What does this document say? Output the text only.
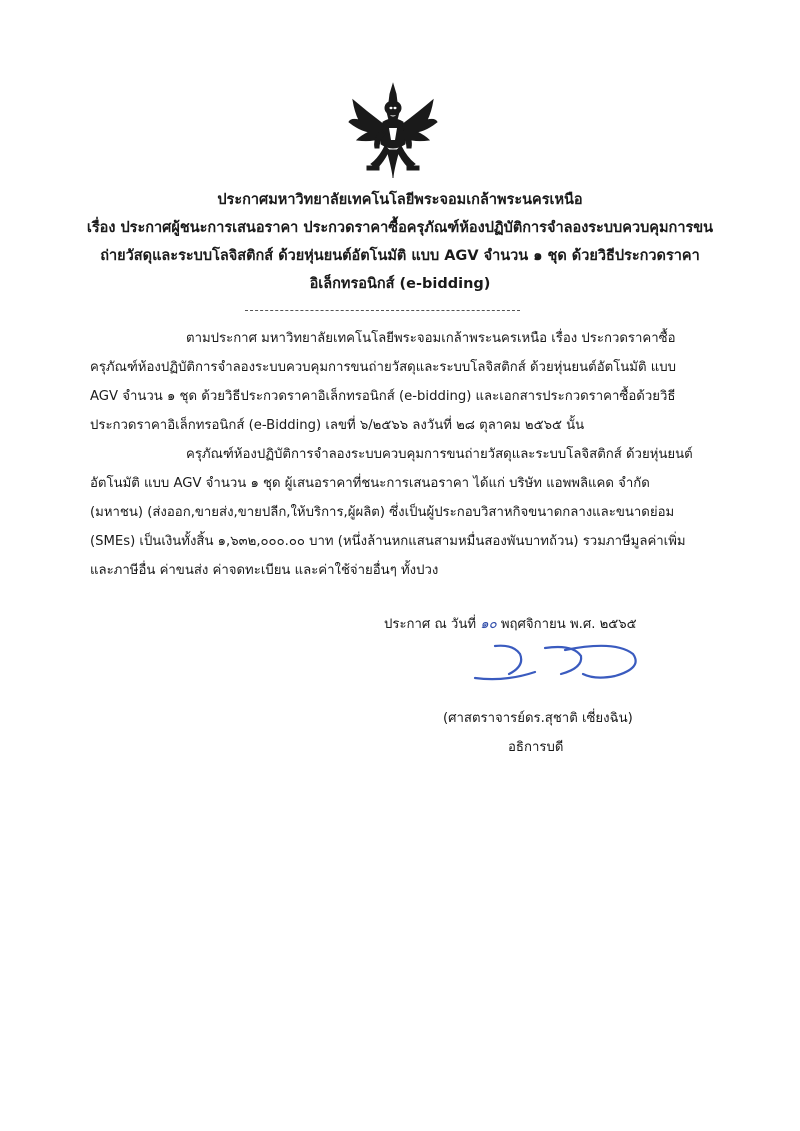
ประกาศมหาวิทยาลัยเทคโนโลยีพระจอมเกล้าพระนครเหนือ
เรื่อง ประกาศผู้ชนะการเสนอราคา ประกวดราคาซื้อครุภัณฑ์ห้องปฏิบัติการจำลองระบบควบคุมการขน
ถ่ายวัสดุและระบบโลจิสติกส์ ด้วยหุ่นยนต์อัตโนมัติ แบบ AGV จำนวน ๑ ชุด ด้วยวิธีประกวดราคา
อิเล็กทรอนิกส์ (e-bidding)
ตามประกาศ มหาวิทยาลัยเทคโนโลยีพระจอมเกล้าพระนครเหนือ เรื่อง ประกวดราคาซื้อ
ครุภัณฑ์ห้องปฏิบัติการจำลองระบบควบคุมการขนถ่ายวัสดุและระบบโลจิสติกส์ ด้วยหุ่นยนต์อัตโนมัติ แบบ
AGV จำนวน ๑ ชุด ด้วยวิธีประกวดราคาอิเล็กทรอนิกส์ (e-bidding) และเอกสารประกวดราคาซื้อด้วยวิธี
ประกวดราคาอิเล็กทรอนิกส์ (e-Bidding) เลขที่ ๖/๒๕๖๖ ลงวันที่ ๒๘ ตุลาคม ๒๕๖๕ นั้น
ครุภัณฑ์ห้องปฏิบัติการจำลองระบบควบคุมการขนถ่ายวัสดุและระบบโลจิสติกส์ ด้วยหุ่นยนต์
อัตโนมัติ แบบ AGV จำนวน ๑ ชุด ผู้เสนอราคาที่ชนะการเสนอราคา ได้แก่ บริษัท แอพพลิแคด จำกัด
(มหาชน) (ส่งออก,ขายส่ง,ขายปลีก,ให้บริการ,ผู้ผลิต) ซึ่งเป็นผู้ประกอบวิสาหกิจขนาดกลางและขนาดย่อม
(SMEs) เป็นเงินทั้งสิ้น ๑,๖๓๒,๐๐๐.๐๐ บาท (หนึ่งล้านหกแสนสามหมื่นสองพันบาทถ้วน) รวมภาษีมูลค่าเพิ่ม
และภาษีอื่น ค่าขนส่ง ค่าจดทะเบียน และค่าใช้จ่ายอื่นๆ ทั้งปวง
ประกาศ ณ วันที่ ๑๐ พฤศจิกายน พ.ศ. ๒๕๖๕
(ศาสตราจารย์ดร.สุชาติ เซี่ยงฉิน)
อธิการบดี
